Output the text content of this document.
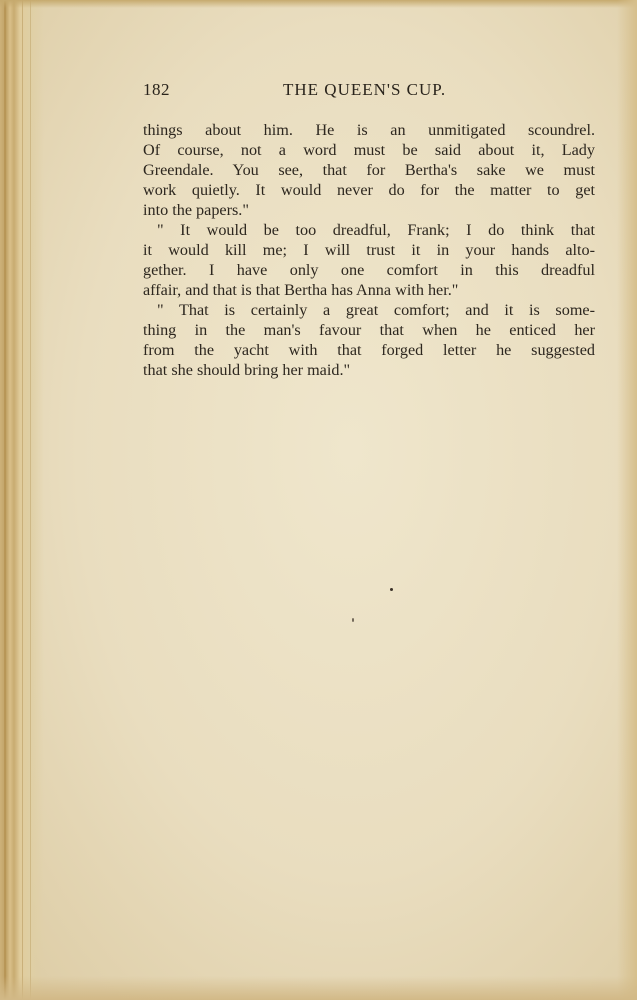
182	THE QUEEN'S CUP.
things about him. He is an unmitigated scoundrel.
Of course, not a word must be said about it, Lady
Greendale. You see, that for Bertha's sake we must
work quietly. It would never do for the matter to get
into the papers."
" It would be too dreadful, Frank; I do think that
it would kill me; I will trust it in your hands alto-
gether. I have only one comfort in this dreadful
affair, and that is that Bertha has Anna with her."
" That is certainly a great comfort; and it is some-
thing in the man's favour that when he enticed her
from the yacht with that forged letter he suggested
that she should bring her maid."
